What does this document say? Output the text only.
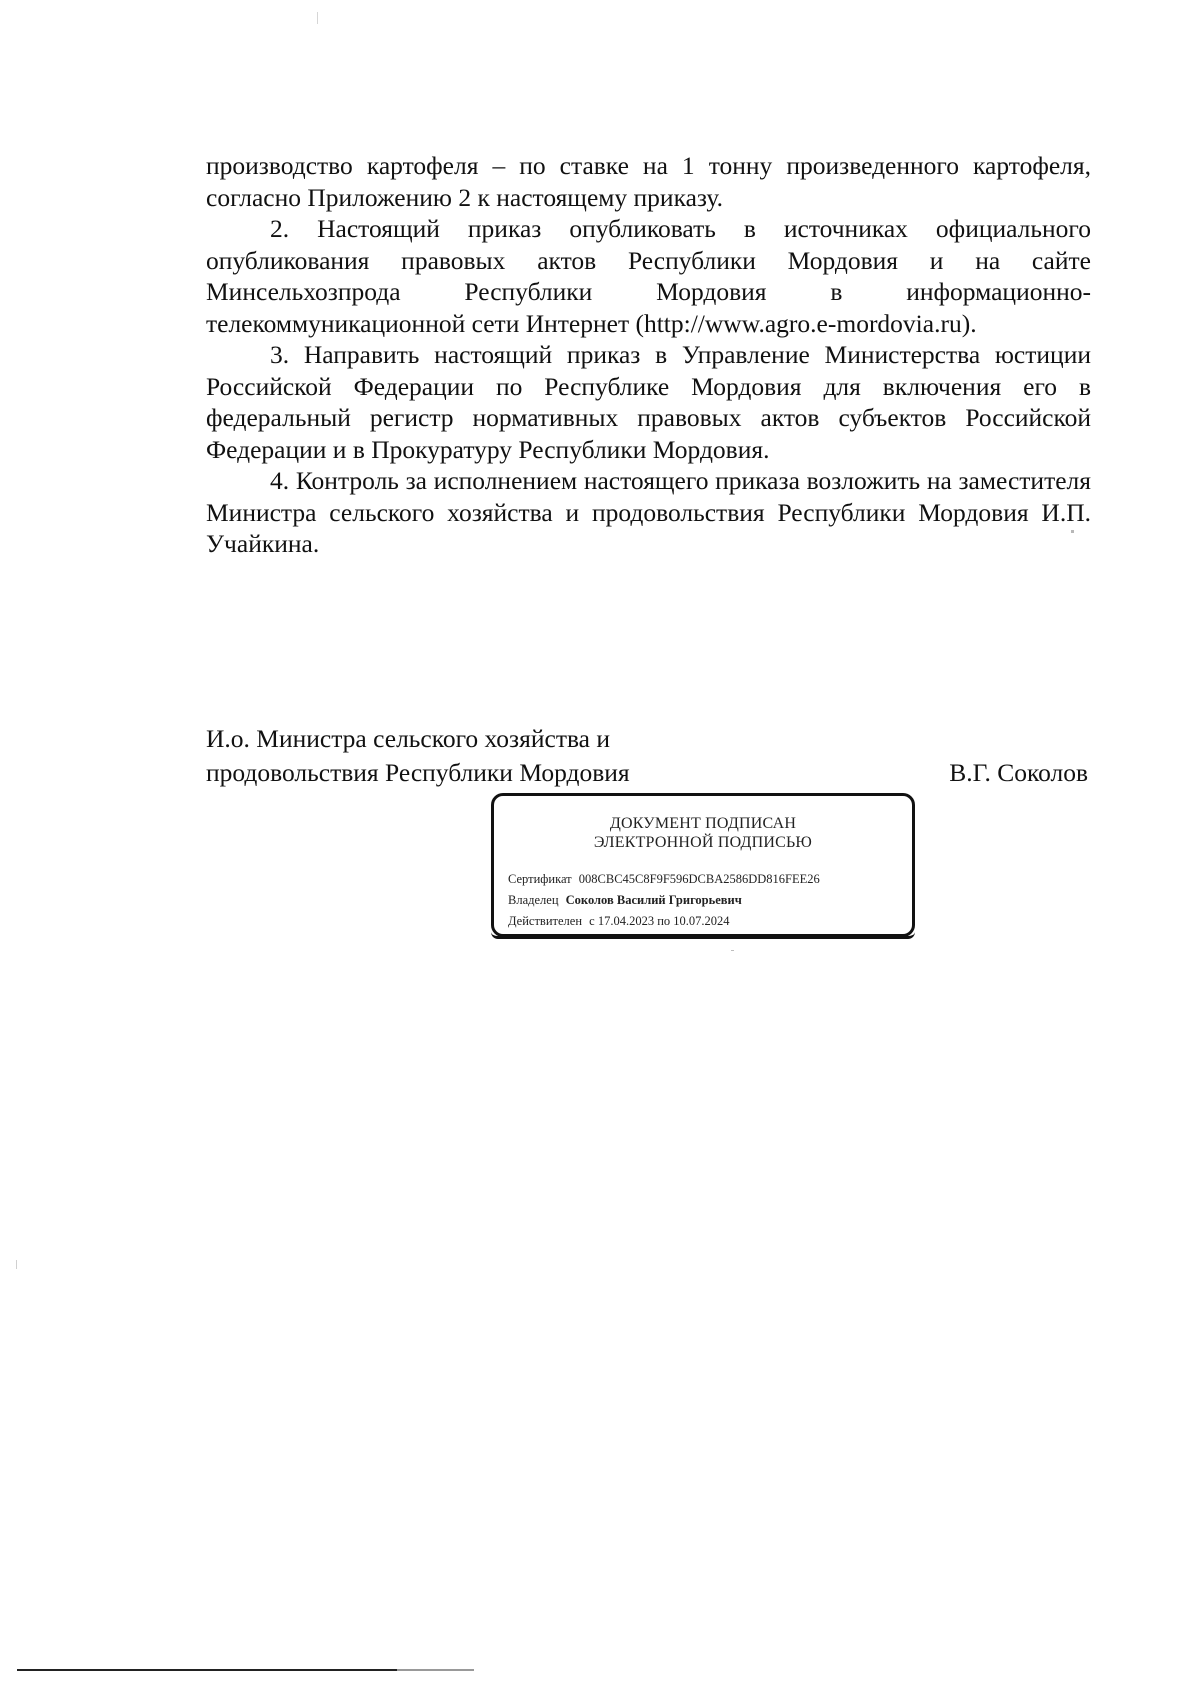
производство картофеля – по ставке на 1 тонну произведенного картофеля, согласно Приложению 2 к настоящему приказу.

2. Настоящий приказ опубликовать в источниках официального опубликования правовых актов Республики Мордовия и на сайте Минсельхозпрода Республики Мордовия в информационно-телекоммуникационной сети Интернет (http://www.agro.e-mordovia.ru).

3. Направить настоящий приказ в Управление Министерства юстиции Российской Федерации по Республике Мордовия для включения его в федеральный регистр нормативных правовых актов субъектов Российской Федерации и в Прокуратуру Республики Мордовия.

4. Контроль за исполнением настоящего приказа возложить на заместителя Министра сельского хозяйства и продовольствия Республики Мордовия И.П. Учайкина.

И.о. Министра сельского хозяйства и
продовольствия Республики Мордовия	В.Г. Соколов
ДОКУМЕНТ ПОДПИСАН
ЭЛЕКТРОННОЙ ПОДПИСЬЮ
Сертификат 008CBC45C8F9F596DCBA2586DD816FEE26
Владелец Соколов Василий Григорьевич
Действителен с 17.04.2023 по 10.07.2024
